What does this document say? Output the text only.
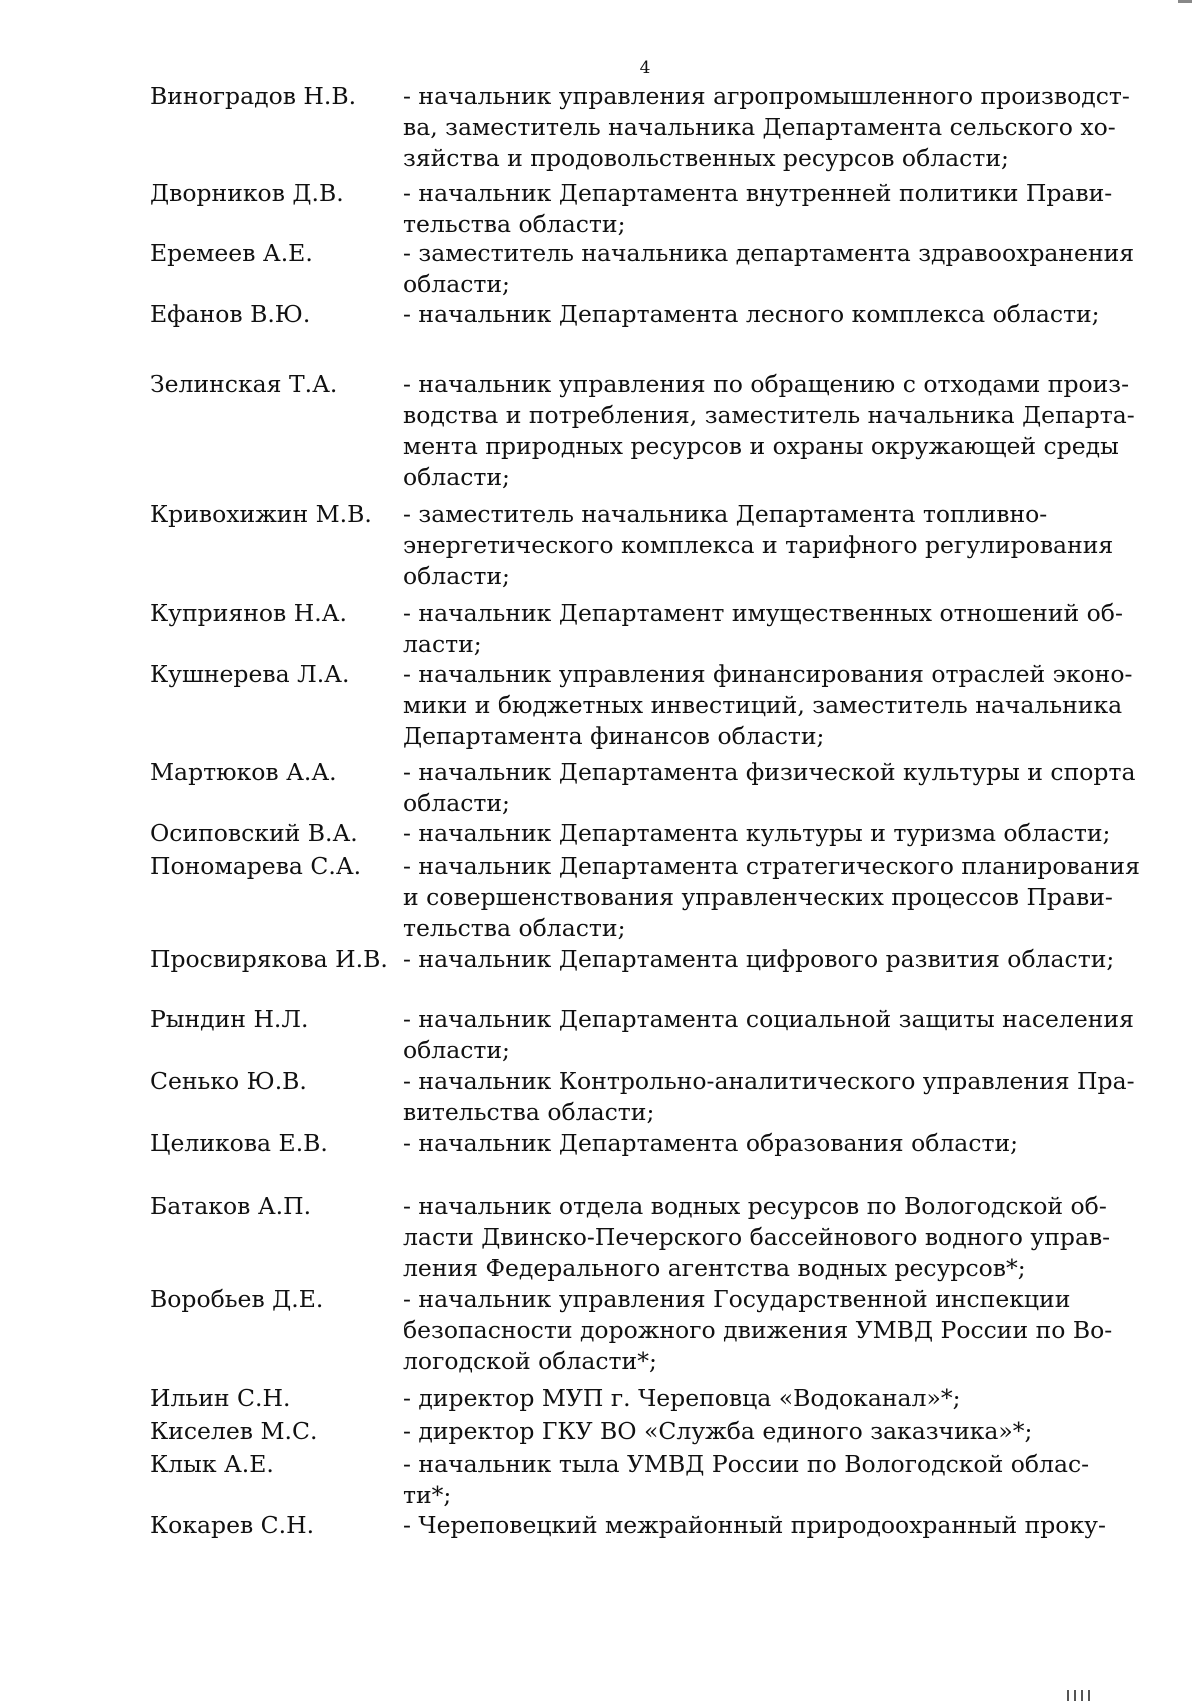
4
Виноградов Н.В.	- начальник управления агропромышленного производст-
ва, заместитель начальника Департамента сельского хо-
зяйства и продовольственных ресурсов области;
Дворников Д.В.	- начальник Департамента внутренней политики Прави-
тельства области;
Еремеев А.Е.	- заместитель начальника департамента здравоохранения
области;
Ефанов В.Ю.	- начальник Департамента лесного комплекса области;
Зелинская Т.А.	- начальник управления по обращению с отходами произ-
водства и потребления, заместитель начальника Департа-
мента природных ресурсов и охраны окружающей среды
области;
Кривохижин М.В.	- заместитель начальника Департамента топливно-
энергетического комплекса и тарифного регулирования
области;
Куприянов Н.А.	- начальник Департамент имущественных отношений об-
ласти;
Кушнерева Л.А.	- начальник управления финансирования отраслей эконо-
мики и бюджетных инвестиций, заместитель начальника
Департамента финансов области;
Мартюков А.А.	- начальник Департамента физической культуры и спорта
области;
Осиповский В.А.	- начальник Департамента культуры и туризма области;
Пономарева С.А.	- начальник Департамента стратегического планирования
и совершенствования управленческих процессов Прави-
тельства области;
Просвирякова И.В. - начальник Департамента цифрового развития области;
Рындин Н.Л.	- начальник Департамента социальной защиты населения
области;
Сенько Ю.В.	- начальник Контрольно-аналитического управления Пра-
вительства области;
Целикова Е.В.	- начальник Департамента образования области;
Батаков А.П.	- начальник отдела водных ресурсов по Вологодской об-
ласти Двинско-Печерского бассейнового водного управ-
ления Федерального агентства водных ресурсов*;
Воробьев Д.Е.	- начальник управления Государственной инспекции
безопасности дорожного движения УМВД России по Во-
логодской области*;
Ильин С.Н.	- директор МУП г. Череповца «Водоканал»*;
Киселев М.С.	- директор ГКУ ВО «Служба единого заказчика»*;
Клык А.Е.	- начальник тыла УМВД России по Вологодской облас-
ти*;
Кокарев С.Н.	- Череповецкий межрайонный природоохранный проку-
